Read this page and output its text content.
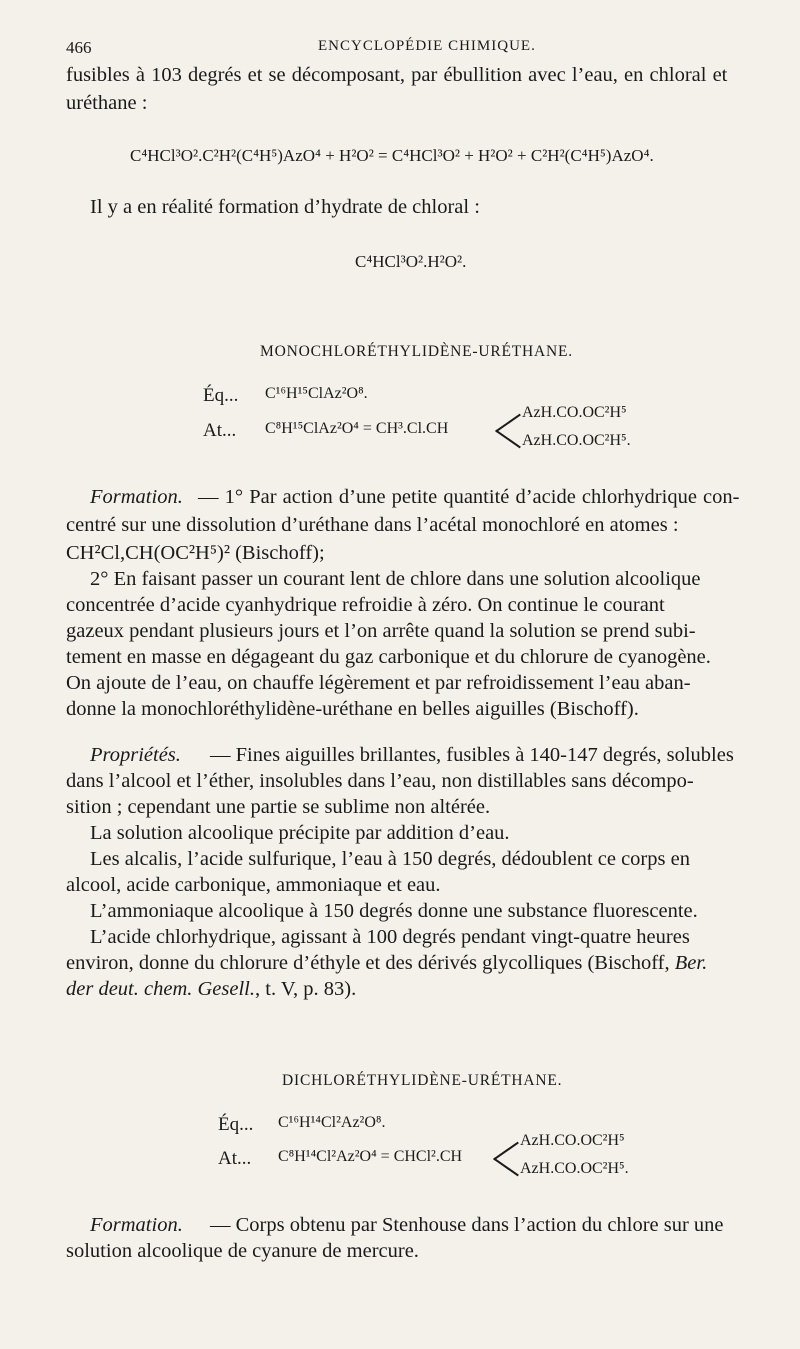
466	ENCYCLOPÉDIE CHIMIQUE.
fusibles à 103 degrés et se décomposant, par ébullition avec l’eau, en chloral et
uréthane :
C⁴HCl³O².C²H²(C⁴H⁵)AzO⁴ + H²O² = C⁴HCl³O² + H²O² + C²H²(C⁴H⁵)AzO⁴.
Il y a en réalité formation d’hydrate de chloral :
C⁴HCl³O².H²O².
MONOCHLORÉTHYLIDÈNE-URÉTHANE.
Éq... C¹⁶H¹⁵ClAz²O⁸.
At... C⁸H¹⁵ClAz²O⁴ = CH³.Cl.CH
AzH.CO.OC²H⁵
AzH.CO.OC²H⁵.
Formation. — 1° Par action d’une petite quantité d’acide chlorhydrique con-
centré sur une dissolution d’uréthane dans l’acétal monochloré en atomes :
CH²Cl,CH(OC²H⁵)² (Bischoff);
2° En faisant passer un courant lent de chlore dans une solution alcoolique
concentrée d’acide cyanhydrique refroidie à zéro. On continue le courant
gazeux pendant plusieurs jours et l’on arrête quand la solution se prend subi-
tement en masse en dégageant du gaz carbonique et du chlorure de cyanogène.
On ajoute de l’eau, on chauffe légèrement et par refroidissement l’eau aban-
donne la monochloréthylidène-uréthane en belles aiguilles (Bischoff).
Propriétés. — Fines aiguilles brillantes, fusibles à 140-147 degrés, solubles
dans l’alcool et l’éther, insolubles dans l’eau, non distillables sans décompo-
sition ; cependant une partie se sublime non altérée.
La solution alcoolique précipite par addition d’eau.
Les alcalis, l’acide sulfurique, l’eau à 150 degrés, dédoublent ce corps en
alcool, acide carbonique, ammoniaque et eau.
L’ammoniaque alcoolique à 150 degrés donne une substance fluorescente.
L’acide chlorhydrique, agissant à 100 degrés pendant vingt-quatre heures
environ, donne du chlorure d’éthyle et des dérivés glycolliques (Bischoff, Ber.
der deut. chem. Gesell., t. V, p. 83).
DICHLORÉTHYLIDÈNE-URÉTHANE.
Éq... C¹⁶H¹⁴Cl²Az²O⁸.
At... C⁸H¹⁴Cl²Az²O⁴ = CHCl².CH
AzH.CO.OC²H⁵
AzH.CO.OC²H⁵.
Formation. — Corps obtenu par Stenhouse dans l’action du chlore sur une
solution alcoolique de cyanure de mercure.
